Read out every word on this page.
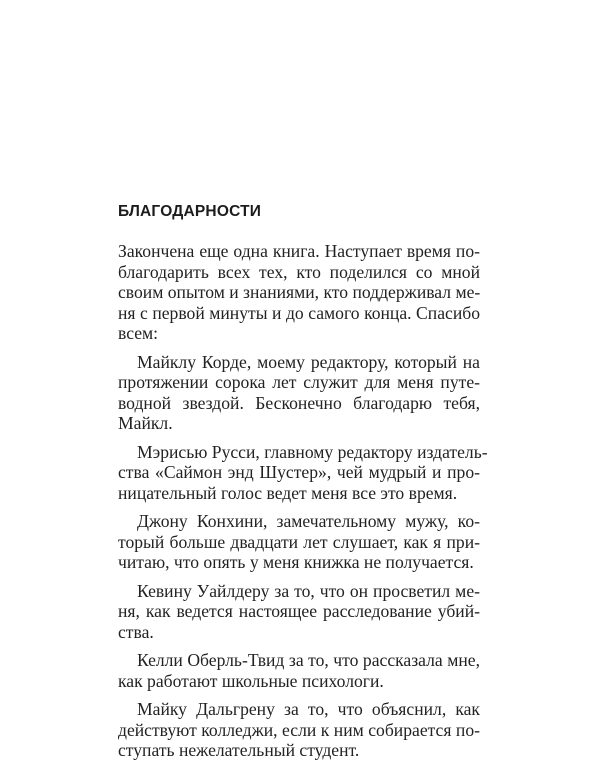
БЛАГОДАРНОСТИ
Закончена еще одна книга. Наступает время по-
благодарить всех тех, кто поделился со мной
своим опытом и знаниями, кто поддерживал ме-
ня с первой минуты и до самого конца. Спасибо
всем:
Майклу Корде, моему редактору, который на
протяжении сорока лет служит для меня путе-
водной звездой. Бесконечно благодарю тебя,
Майкл.
Мэрисью Русси, главному редактору издатель-
ства «Саймон энд Шустер», чей мудрый и про-
ницательный голос ведет меня все это время.
Джону Конхини, замечательному мужу, ко-
торый больше двадцати лет слушает, как я при-
читаю, что опять у меня книжка не получается.
Кевину Уайлдеру за то, что он просветил ме-
ня, как ведется настоящее расследование убий-
ства.
Келли Оберль-Твид за то, что рассказала мне,
как работают школьные психологи.
Майку Дальгрену за то, что объяснил, как
действуют колледжи, если к ним собирается по-
ступать нежелательный студент.
